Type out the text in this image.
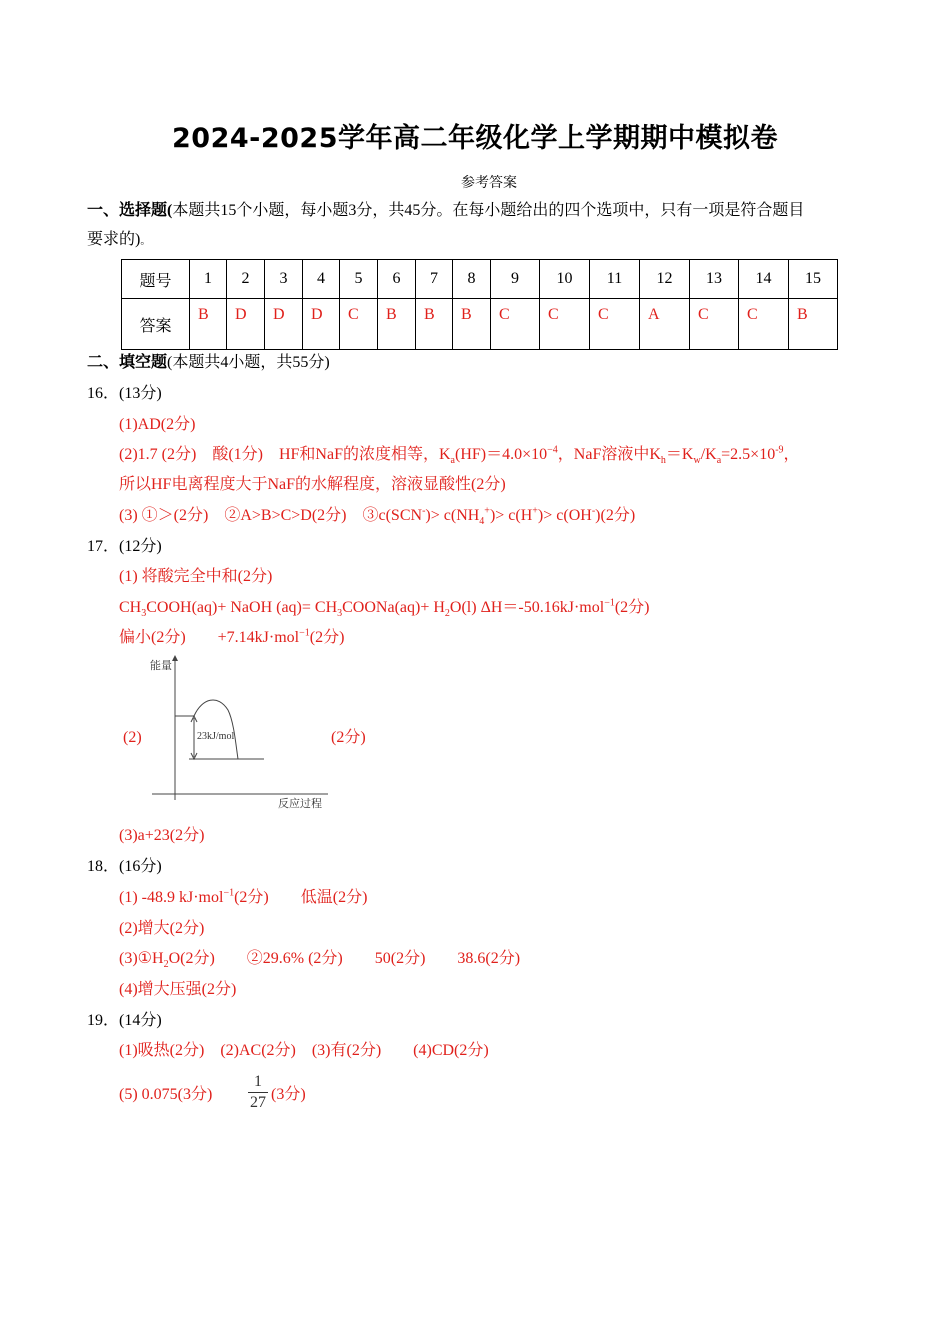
2024-2025学年高二年级化学上学期期中模拟卷
参考答案
一、选择题(本题共15个小题，每小题3分，共45分。在每小题给出的四个选项中，只有一项是符合题目
要求的)。
题号	1	2	3	4	5	6	7	8	9	10	11	12	13	14	15
答案	B	D	D	D	C	B	B	B	C	C	C	A	C	C	B
二、填空题(本题共4小题，共55分)
16．(13分)
(1)AD(2分)
(2)1.7 (2分)　酸(1分)　HF和NaF的浓度相等，$K_a(HF)=4.0\times 10^{-4}$，NaF溶液中$K_h=K_w/K_a=2.5\times 10^{-9}$，
所以HF电离程度大于NaF的水解程度，溶液显酸性(2分)
(3) ①＞(2分)　②A>B>C>D(2分)　③c(SCN-)> $c(NH_4^+)> c(H^+)> c(OH^-)(2$分)
17．(12分)
(1) 将酸完全中和(2分)
$CH_3COOH(aq)+$ NaOH $(aq)= CH_3COONa(aq)+ H_2O(l)$ ΔH＝-50.16kJ·mol$^{-1}$(2分)
偏小(2分)　　+7.14kJ·mol$^{-1}$(2分)
(2)	(2分)
能量
23kJ/mol
反应过程
(3)a+23(2分)
18．(16分)
(1) -48.9 kJ·mol$^{-1}$(2分)　　低温(2分)
(2)增大(2分)
$(3)①H_2O(2$分)　　②29.6% (2分)　　50(2分)　　38.6(2分)
(4)增大压强(2分)
19．(14分)
(1)吸热(2分)　(2)AC(2分)　(3)有(2分)　　(4)CD(2分)
(5) 0.075(3分)
1
27 (3分)
